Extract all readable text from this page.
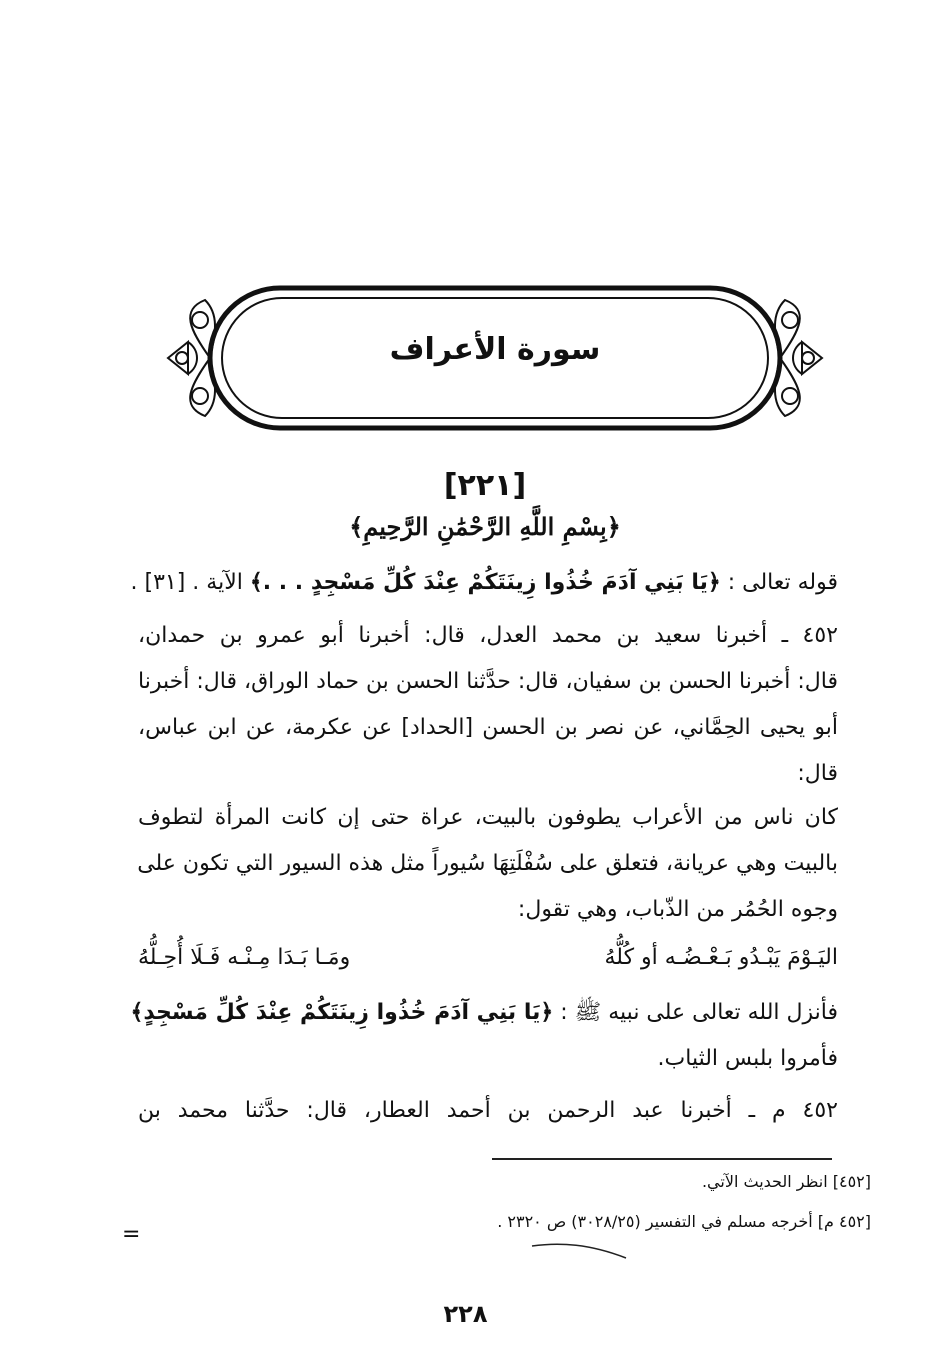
سورة الأعراف
[٢٢١]
﴿بِسْمِ اللَّهِ الرَّحْمَٰنِ الرَّحِيمِ﴾
قوله تعالى : ﴿يَا بَنِي آدَمَ خُذُوا زِينَتَكُمْ عِنْدَ كُلِّ مَسْجِدٍ . . .﴾ الآية . [٣١] .
٤٥٢ ـ أخبرنا سعيد بن محمد العدل، قال: أخبرنا أبو عمرو بن حمدان،
قال: أخبرنا الحسن بن سفيان، قال: حدَّثنا الحسن بن حماد الوراق، قال: أخبرنا
أبو يحيى الحِمَّاني، عن نصر بن الحسن [الحداد] عن عكرمة، عن ابن عباس،
قال:
كان ناس من الأعراب يطوفون بالبيت، عراة حتى إن كانت المرأة لتطوف
بالبيت وهي عريانة، فتعلق على سُفْلَتِهَا سُيوراً مثل هذه السيور التي تكون على
وجوه الحُمُر من الذّباب، وهي تقول:
اليَـوْمَ يَبْـدُو بَـعْـضُـه أو كُلُّهُ
ومَـا بَـدَا مِـنْـه فَـلَا أُحِـلُّهُ
فأنزل الله تعالى على نبيه ﷺ : ﴿يَا بَنِي آدَمَ خُذُوا زِينَتَكُمْ عِنْدَ كُلِّ مَسْجِدٍ﴾
فأمروا بلبس الثياب.
٤٥٢ م ـ أخبرنا عبد الرحمن بن أحمد العطار، قال: حدَّثنا محمد بن
[٤٥٢] انظر الحديث الآتي.
[٤٥٢ م] أخرجه مسلم في التفسير (٣٠٢٨/٢٥) ص ٢٣٢٠ .
=
٢٢٨
